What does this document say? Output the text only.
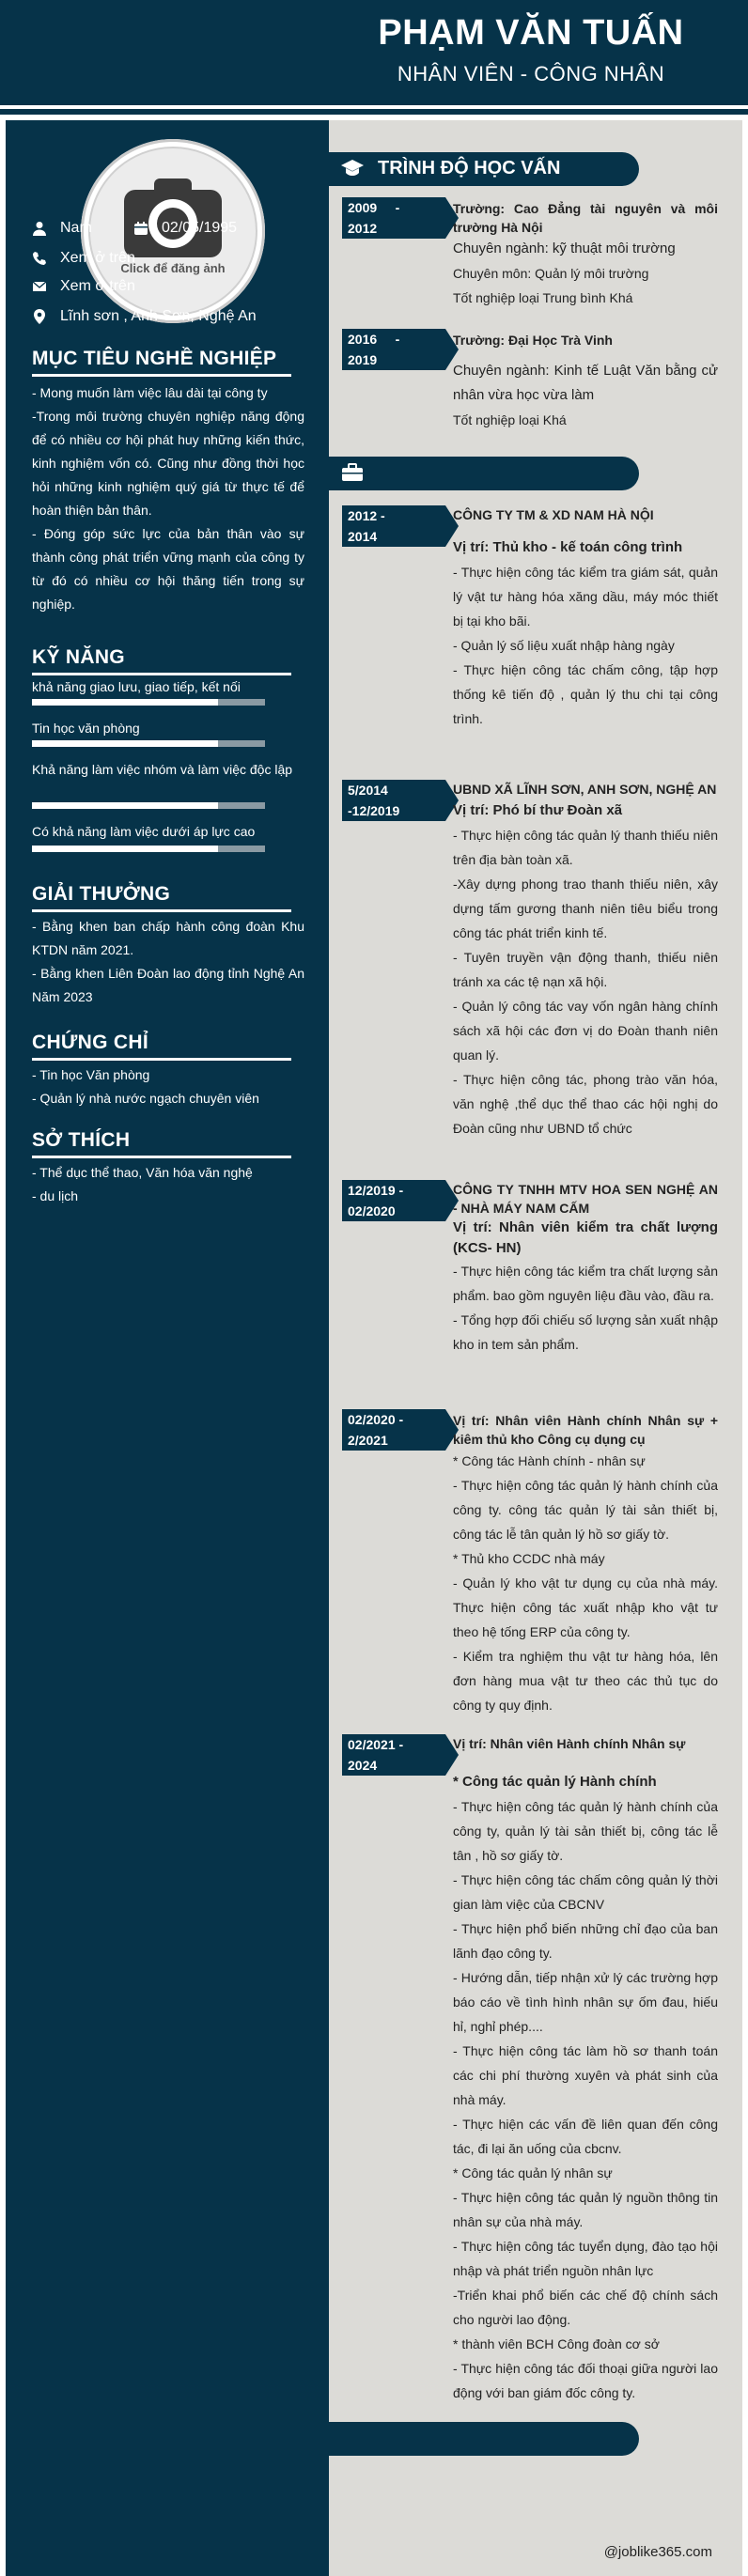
PHẠM VĂN TUẤN
NHÂN VIÊN - CÔNG NHÂN
Click để đăng ảnh
Nam	02/05/1995
Xem ở trên
Xem ở trên
Lĩnh sơn , Anh Sơn, Nghệ An
MỤC TIÊU NGHỀ NGHIỆP
- Mong muốn làm việc lâu dài tại công ty
-Trong môi trường chuyên nghiệp năng động để có nhiều cơ hội phát huy những kiến thức, kinh nghiệm vốn có. Cũng như đồng thời học hỏi những kinh nghiệm quý giá từ thực tế để hoàn thiện bản thân.
- Đóng góp sức lực của bản thân vào sự thành công phát triển vững mạnh của công ty từ đó có nhiều cơ hội thăng tiến trong sự nghiệp.
KỸ NĂNG
khả năng giao lưu, giao tiếp, kết nối
Tin học văn phòng
Khả năng làm việc nhóm và làm việc độc lập
Có khả năng làm việc dưới áp lực cao
GIẢI THƯỞNG
- Bằng khen ban chấp hành công đoàn Khu KTDN năm 2021.
- Bằng khen Liên Đoàn lao động tỉnh Nghệ An Năm 2023
CHỨNG CHỈ
- Tin học Văn phòng
- Quản lý nhà nước ngạch chuyên viên
SỞ THÍCH
- Thể dục thể thao, Văn hóa văn nghệ
- du lịch
TRÌNH ĐỘ HỌC VẤN
2009     -
2012
Trường: Cao Đẳng tài nguyên và môi trường Hà Nội

Chuyên ngành: kỹ thuật môi trường

Chuyên môn: Quản lý môi trường

Tốt nghiệp loại Trung bình Khá

2016     -
2019
Trường: Đại Học Trà Vinh

Chuyên ngành: Kinh tế Luật Văn bằng cử nhân vừa học vừa làm

Tốt nghiệp loại Khá

2012 -
2014
CÔNG TY TM & XD NAM HÀ NỘI

Vị trí: Thủ kho - kế toán công trình

- Thực hiện công tác kiểm tra giám sát, quản lý vật tư hàng hóa xăng dầu, máy móc thiết bị tại kho bãi.

- Quản lý số liệu xuất nhập hàng ngày

- Thực hiện công tác chấm công, tập hợp thống kê tiến độ , quản lý thu chi tại công trình.

5/2014
-12/2019
UBND XÃ LĨNH SƠN, ANH SƠN, NGHỆ AN

Vị trí: Phó bí thư Đoàn xã

- Thực hiện công tác quản lý thanh thiếu niên trên địa bàn toàn xã.

-Xây dựng phong trao thanh thiếu niên, xây dựng tấm gương thanh niên tiêu biểu trong công tác phát triển kinh tế.

- Tuyên truyền vận động thanh, thiếu niên tránh xa các tệ nạn xã hội.

- Quản lý công tác vay vốn ngân hàng chính sách xã hội các đơn vị do Đoàn thanh niên quan lý.

- Thực hiện công tác, phong trào văn hóa, văn nghệ ,thể dục thể thao các hội nghị do Đoàn cũng như UBND tổ chức

12/2019 -
02/2020
CÔNG TY TNHH MTV HOA SEN NGHỆ AN - NHÀ MÁY NAM CẤM

Vị trí: Nhân viên kiểm tra chất lượng (KCS- HN)

- Thực hiện công tác kiểm tra chất lượng sản phẩm. bao gồm nguyên liệu đầu vào, đầu ra.

- Tổng hợp đối chiếu số lượng sản xuất nhập kho in tem sản phẩm.

02/2020 -
2/2021
Vị trí: Nhân viên Hành chính Nhân sự + kiêm thủ kho Công cụ dụng cụ

* Công tác Hành chính - nhân sự

- Thực hiện công tác quản lý hành chính của công ty. công tác quản lý tài sản thiết bị, công tác lễ tân quản lý hồ sơ giấy tờ.

* Thủ kho CCDC nhà máy

- Quản lý kho vật tư dụng cụ của nhà máy. Thực hiện công tác xuất nhập kho vật tư theo hệ tống ERP của công ty.

- Kiểm tra nghiệm thu vật tư hàng hóa, lên đơn hàng mua vật tư theo các thủ tục do công ty quy định.

02/2021 -
2024
Vị trí: Nhân viên Hành chính Nhân sự

* Công tác quản lý Hành chính

- Thực hiện công tác quản lý hành chính của công ty, quản lý tài sản thiết bị, công tác lễ tân , hồ sơ giấy tờ.

- Thực hiện công tác chấm công quản lý thời gian làm việc của CBCNV

- Thực hiện phổ biến những chỉ đạo của ban lãnh đạo công ty.

- Hướng dẫn, tiếp nhận xử lý các trường hợp báo cáo về tình hình nhân sự ốm đau, hiếu hỉ, nghỉ phép....

- Thực hiện công tác làm hồ sơ thanh toán các chi phí thường xuyên và phát sinh của nhà máy.

- Thực hiện các vấn đề liên quan đến công tác, đi lại ăn uống của cbcnv.

* Công tác quản lý nhân sự

- Thực hiện công tác quản lý nguồn thông tin nhân sự của nhà máy.

- Thực hiện công tác tuyển dụng, đào tạo hội nhập và phát triển nguồn nhân lực

-Triển khai phổ biến các chế độ chính sách cho người lao động.

* thành viên BCH Công đoàn cơ sở

- Thực hiện công tác đối thoại giữa người lao động với ban giám đốc công ty.

@joblike365.com
